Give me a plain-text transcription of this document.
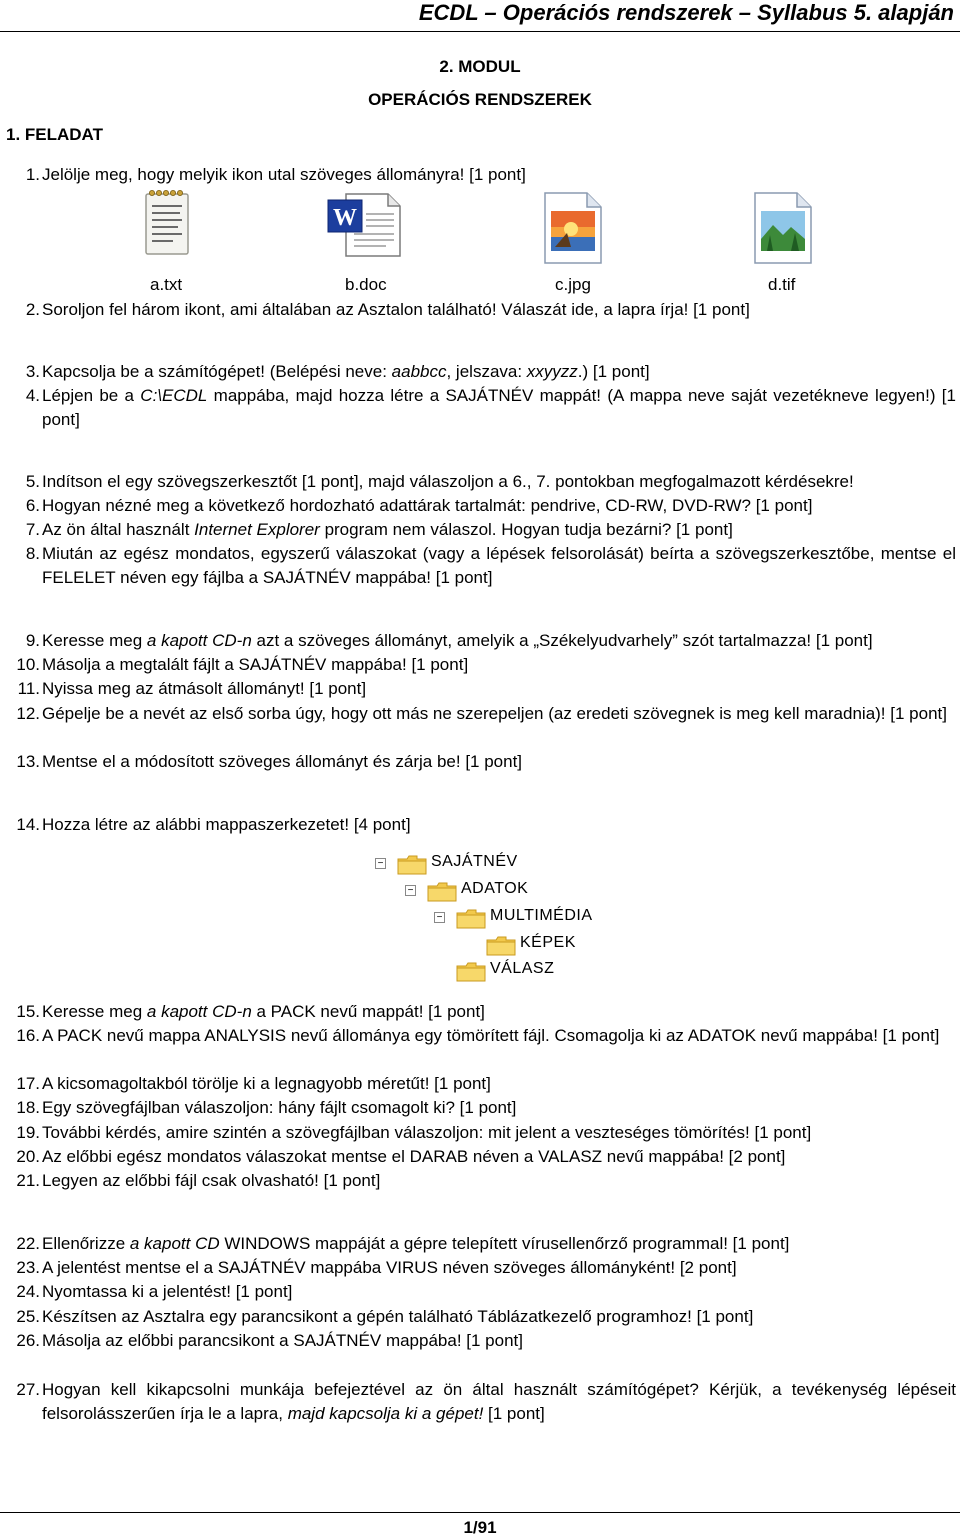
ECDL – Operációs rendszerek – Syllabus 5. alapján
2. MODUL
OPERÁCIÓS RENDSZEREK
1. FELADAT
1. Jelölje meg, hogy melyik ikon utal szöveges állományra! [1 pont]
W
a.txt	b.doc	c.jpg	d.tif
2. Soroljon fel három ikont, ami általában az Asztalon található! Válaszát ide, a lapra írja! [1 pont]
3. Kapcsolja be a számítógépet! (Belépési neve: aabbcc, jelszava: xxyyzz.) [1 pont]
4. Lépjen be a C:\ECDL mappába, majd hozza létre a SAJÁTNÉV mappát! (A mappa neve saját vezetékneve legyen!) [1 pont]
5. Indítson el egy szövegszerkesztőt [1 pont], majd válaszoljon a 6., 7. pontokban megfogalmazott kérdésekre!
6. Hogyan nézné meg a következő hordozható adattárak tartalmát: pendrive, CD-RW, DVD-RW? [1 pont]
7. Az ön által használt Internet Explorer program nem válaszol. Hogyan tudja bezárni? [1 pont]
8. Miután az egész mondatos, egyszerű válaszokat (vagy a lépések felsorolását) beírta a szövegszerkesztőbe, mentse el FELELET néven egy fájlba a SAJÁTNÉV mappába! [1 pont]
9. Keresse meg a kapott CD-n azt a szöveges állományt, amelyik a „Székelyudvarhely” szót tartalmazza! [1 pont]
10. Másolja a megtalált fájlt a SAJÁTNÉV mappába! [1 pont]
11. Nyissa meg az átmásolt állományt! [1 pont]
12. Gépelje be a nevét az első sorba úgy, hogy ott más ne szerepeljen (az eredeti szövegnek is meg kell maradnia)! [1 pont]
13. Mentse el a módosított szöveges állományt és zárja be! [1 pont]
14. Hozza létre az alábbi mappaszerkezetet! [4 pont]
−	SAJÁTNÉV
−	ADATOK
−	MULTIMÉDIA
KÉPEK
VÁLASZ
15. Keresse meg a kapott CD-n a PACK nevű mappát! [1 pont]
16. A PACK nevű mappa ANALYSIS nevű állománya egy tömörített fájl. Csomagolja ki az ADATOK nevű mappába! [1 pont]
17. A kicsomagoltakból törölje ki a legnagyobb méretűt! [1 pont]
18. Egy szövegfájlban válaszoljon: hány fájlt csomagolt ki? [1 pont]
19. További kérdés, amire szintén a szövegfájlban válaszoljon: mit jelent a veszteséges tömörítés! [1 pont]
20. Az előbbi egész mondatos válaszokat mentse el DARAB néven a VALASZ nevű mappába! [2 pont]
21. Legyen az előbbi fájl csak olvasható! [1 pont]
22. Ellenőrizze a kapott CD WINDOWS mappáját a gépre telepített vírusellenőrző programmal! [1 pont]
23. A jelentést mentse el a SAJÁTNÉV mappába VIRUS néven szöveges állományként! [2 pont]
24. Nyomtassa ki a jelentést! [1 pont]
25. Készítsen az Asztalra egy parancsikont a gépén található Táblázatkezelő programhoz! [1 pont]
26. Másolja az előbbi parancsikont a SAJÁTNÉV mappába! [1 pont]
27. Hogyan kell kikapcsolni munkája befejeztével az ön által használt számítógépet? Kérjük, a tevékenység lépéseit felsorolásszerűen írja le a lapra, majd kapcsolja ki a gépet! [1 pont]
1/91
